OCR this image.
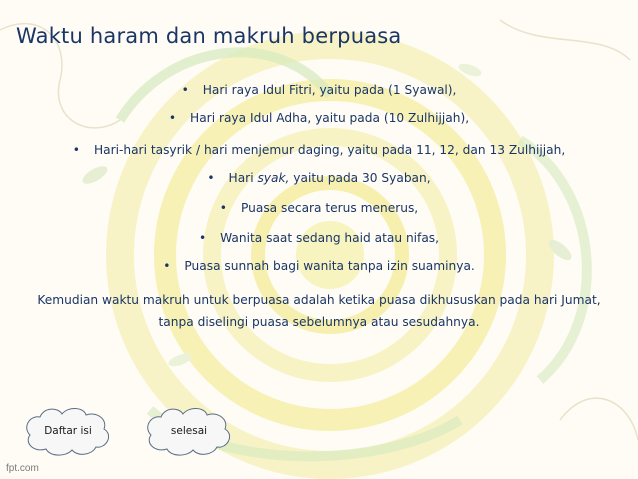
Waktu haram dan makruh berpuasa
• Hari raya Idul Fitri, yaitu pada (1 Syawal),
• Hari raya Idul Adha, yaitu pada (10 Zulhijjah),
• Hari-hari tasyrik / hari menjemur daging, yaitu pada 11, 12, dan 13 Zulhijjah,
• Hari syak, yaitu pada 30 Syaban,
• Puasa secara terus menerus,
• Wanita saat sedang haid atau nifas,
• Puasa sunnah bagi wanita tanpa izin suaminya.
Kemudian waktu makruh untuk berpuasa adalah ketika puasa dikhususkan pada hari Jumat, tanpa diselingi puasa sebelumnya atau sesudahnya.
Daftar isi	selesai
fpt.com
